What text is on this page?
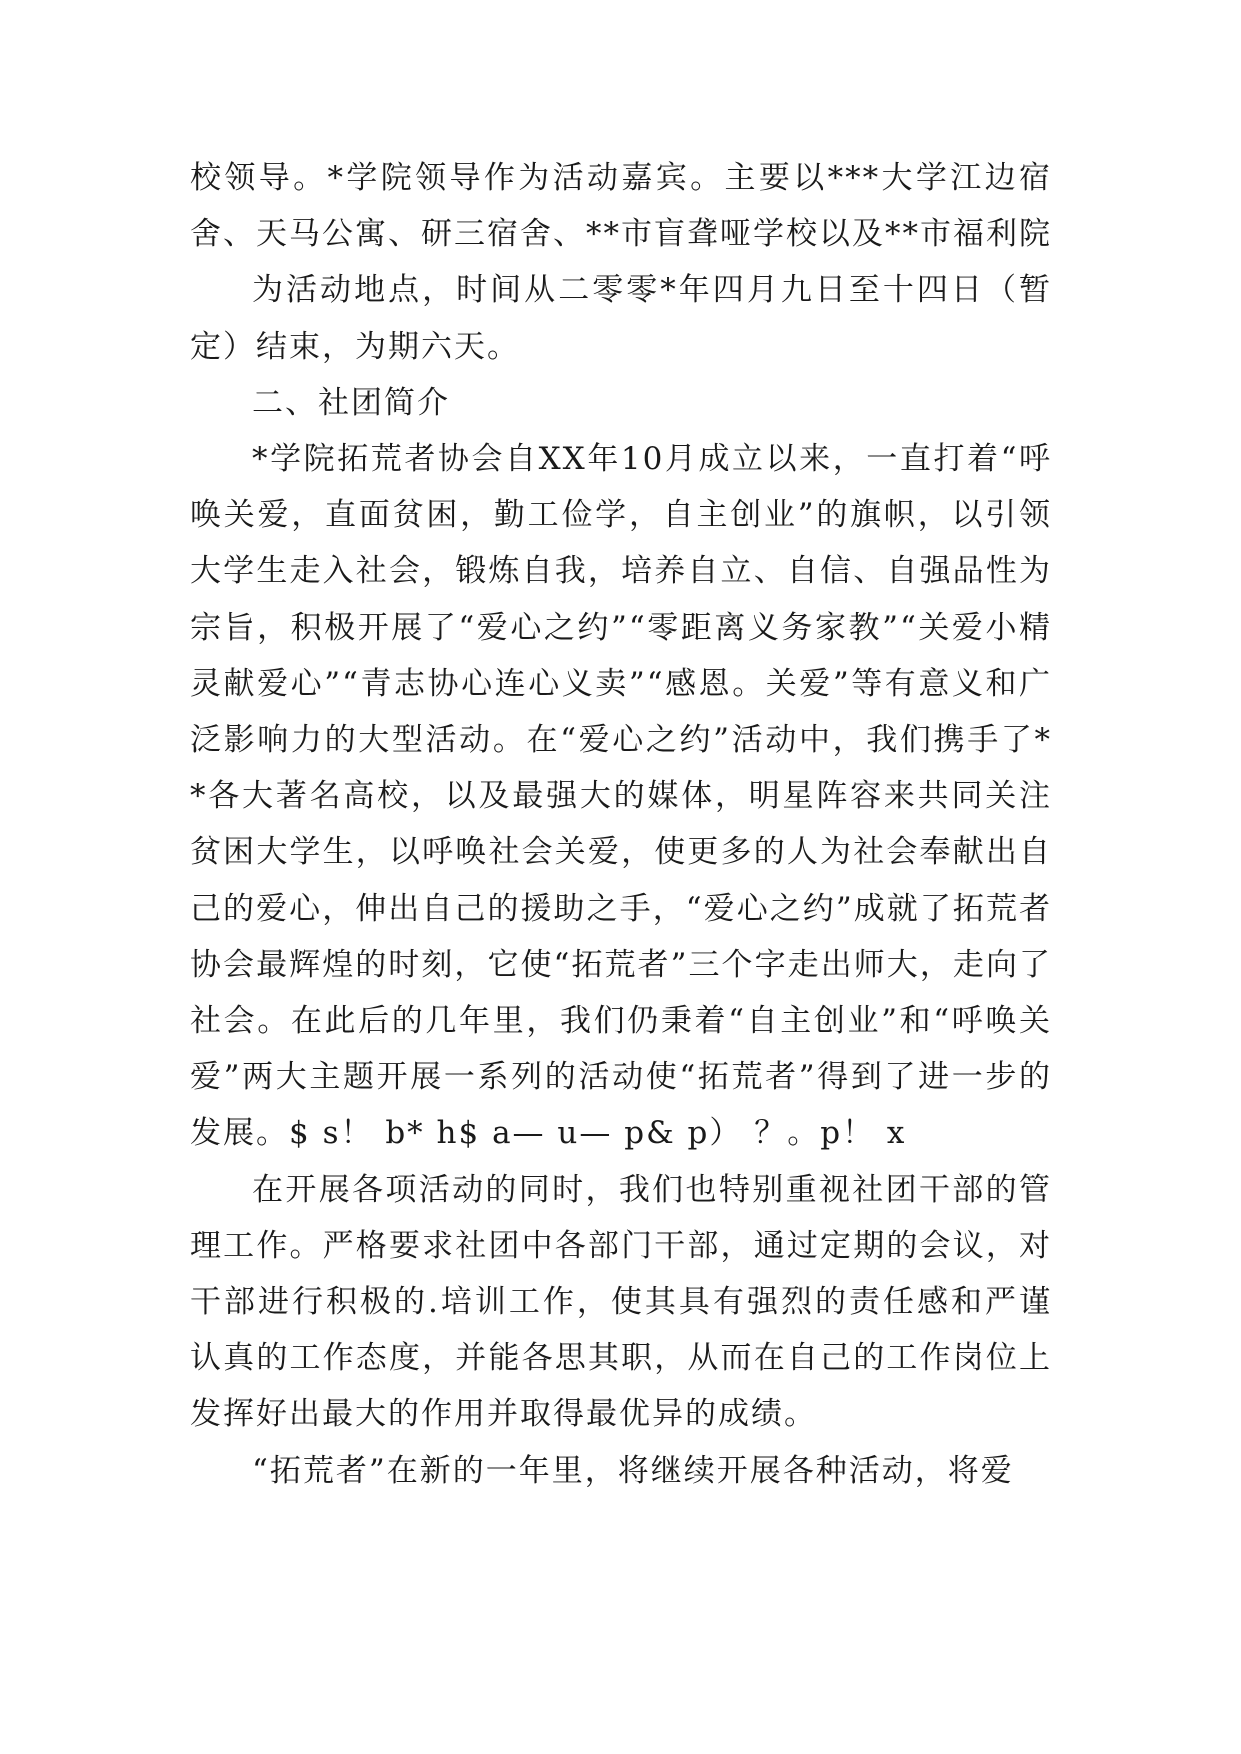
校领导。*学院领导作为活动嘉宾。主要以***大学江边宿舍、天马公寓、研三宿舍、**市盲聋哑学校以及**市福利院

为活动地点，时间从二零零*年四月九日至十四日（暂定）结束，为期六天。

二、社团简介

*学院拓荒者协会自XX年10月成立以来，一直打着“呼唤关爱，直面贫困，勤工俭学，自主创业”的旗帜，以引领大学生走入社会，锻炼自我，培养自立、自信、自强品性为宗旨，积极开展了“爱心之约”“零距离义务家教”“关爱小精灵献爱心”“青志协心连心义卖”“感恩。关爱”等有意义和广泛影响力的大型活动。在“爱心之约”活动中，我们携手了**各大著名高校，以及最强大的媒体，明星阵容来共同关注贫困大学生，以呼唤社会关爱，使更多的人为社会奉献出自己的爱心，伸出自己的援助之手，“爱心之约”成就了拓荒者协会最辉煌的时刻，它使“拓荒者”三个字走出师大，走向了社会。在此后的几年里，我们仍秉着“自主创业”和“呼唤关爱”两大主题开展一系列的活动使“拓荒者”得到了进一步的发展。$ s！ b* h$ a— u— p& p） ？。p！ x

在开展各项活动的同时，我们也特别重视社团干部的管理工作。严格要求社团中各部门干部，通过定期的会议，对干部进行积极的.培训工作，使其具有强烈的责任感和严谨认真的工作态度，并能各思其职，从而在自己的工作岗位上发挥好出最大的作用并取得最优异的成绩。

“拓荒者”在新的一年里，将继续开展各种活动，将爱
